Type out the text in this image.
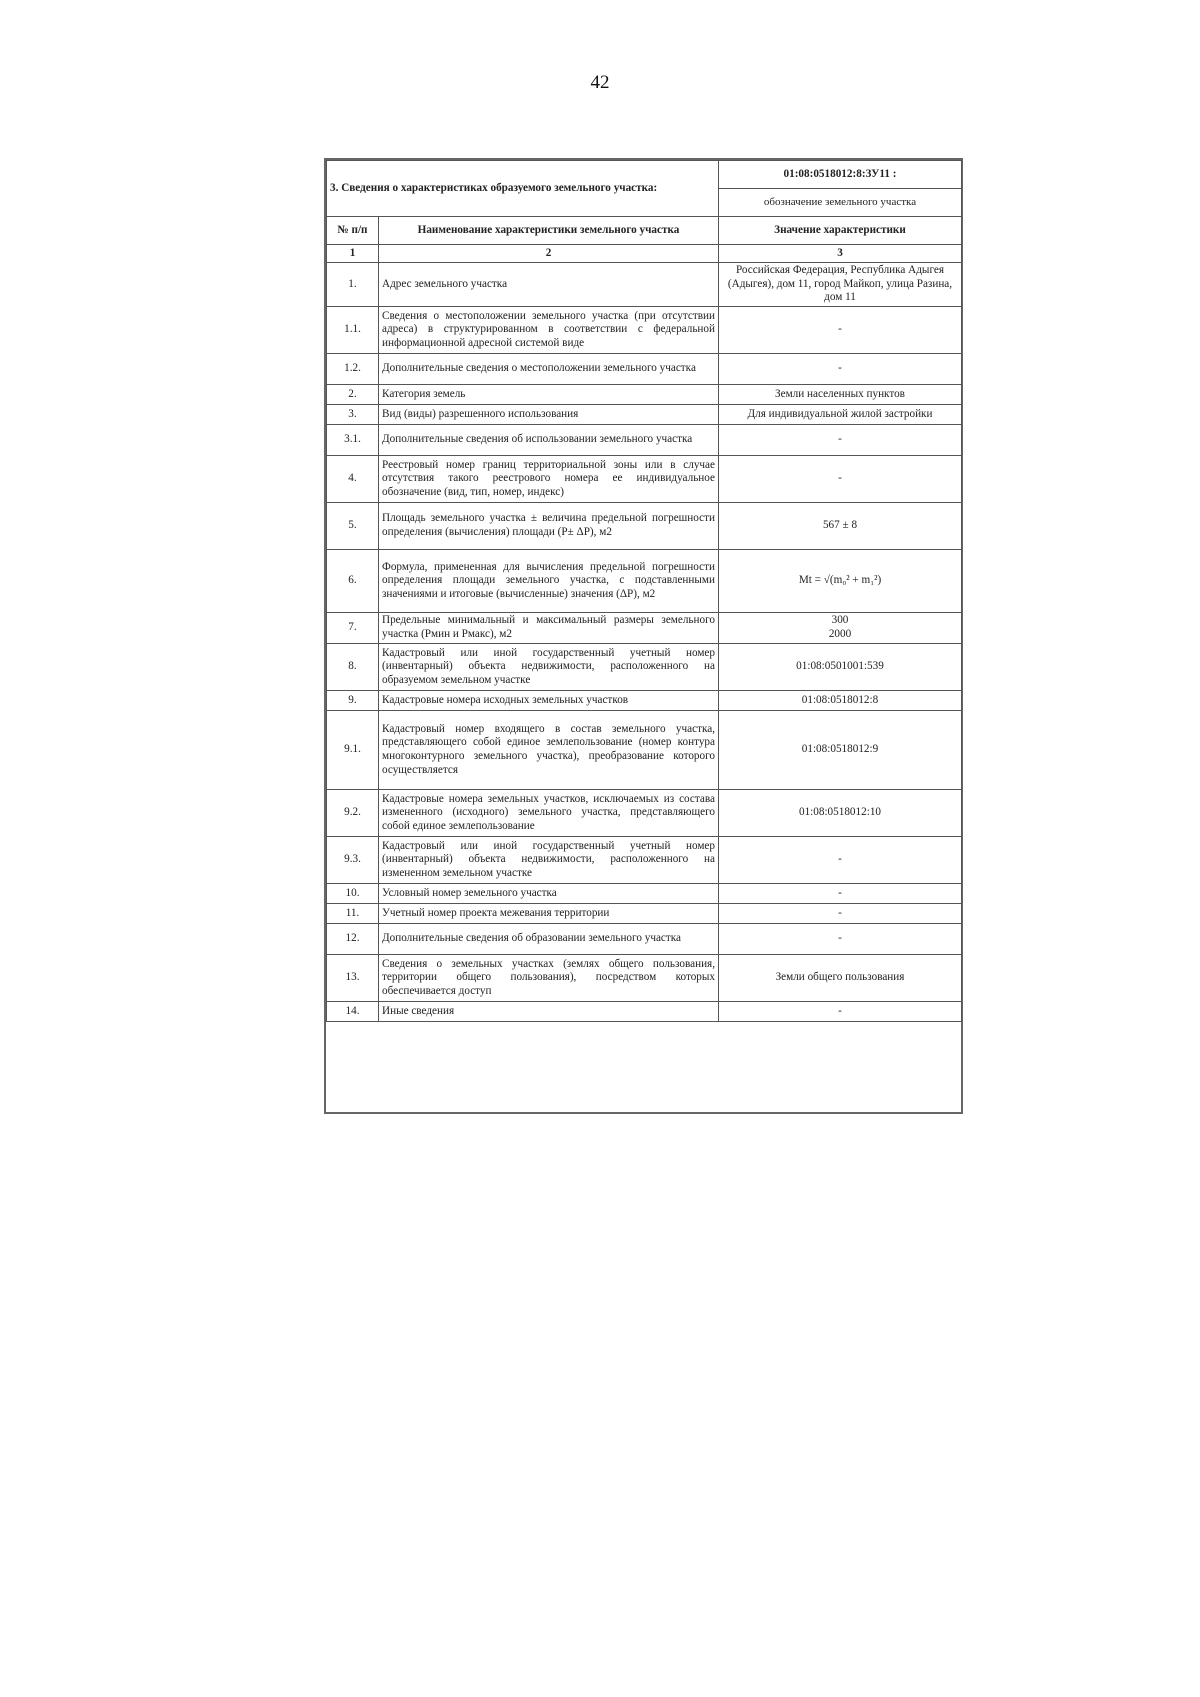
42
3. Сведения о характеристиках образуемого земельного участка:		01:08:0518012:8:ЗУ11 :
		обозначение земельного участка
№ п/п	Наименование характеристики земельного участка	Значение характеристики
1	2	3
1.	Адрес земельного участка	Российская Федерация, Республика Адыгея (Адыгея), дом 11, город Майкоп, улица Разина, дом 11
1.1.	Сведения о местоположении земельного участка (при отсутствии адреса) в структурированном в соответствии с федеральной информационной адресной системой виде	-
1.2.	Дополнительные сведения о местоположении земельного участка	-
2.	Категория земель	Земли населенных пунктов
3.	Вид (виды) разрешенного использования	Для индивидуальной жилой застройки
3.1.	Дополнительные сведения об использовании земельного участка	-
4.	Реестровый номер границ территориальной зоны или в случае отсутствия такого реестрового номера ее индивидуальное обозначение (вид, тип, номер, индекс)	-
5.	Площадь земельного участка ± величина предельной погрешности определения (вычисления) площади (P± ΔP), м2	567 ± 8
6.	Формула, примененная для вычисления предельной погрешности определения площади земельного участка, с подставленными значениями и итоговые (вычисленные) значения (ΔP), м2	Mt = √(m₀² + m₁²)
7.	Предельные минимальный и максимальный размеры земельного участка (Pмин и Pмакс), м2	300
2000

8.	Кадастровый или иной государственный учетный номер (инвентарный) объекта недвижимости, расположенного на образуемом земельном участке	01:08:0501001:539
9.	Кадастровые номера исходных земельных участков	01:08:0518012:8
9.1.	Кадастровый номер входящего в состав земельного участка, представляющего собой единое землепользование (номер контура многоконтурного земельного участка), преобразование которого осуществляется	01:08:0518012:9
9.2.	Кадастровые номера земельных участков, исключаемых из состава измененного (исходного) земельного участка, представляющего собой единое землепользование	01:08:0518012:10
9.3.	Кадастровый или иной государственный учетный номер (инвентарный) объекта недвижимости, расположенного на измененном земельном участке	-
10.	Условный номер земельного участка	-
11.	Учетный номер проекта межевания территории	-
12.	Дополнительные сведения об образовании земельного участка	-
13.	Сведения о земельных участках (землях общего пользования, территории общего пользования), посредством которых обеспечивается доступ	Земли общего пользования
14.	Иные сведения	-
